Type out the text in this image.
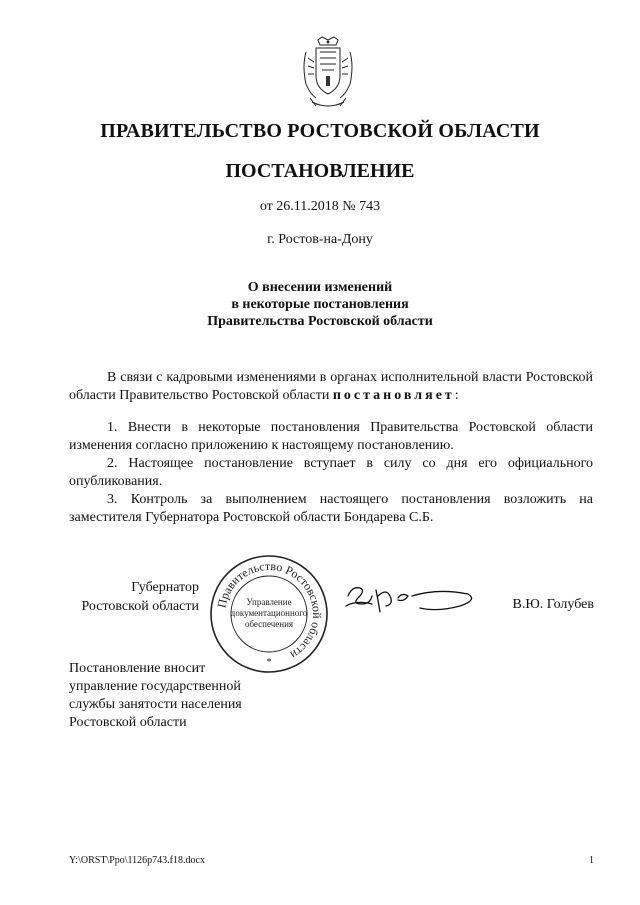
ПРАВИТЕЛЬСТВО РОСТОВСКОЙ ОБЛАСТИ
ПОСТАНОВЛЕНИЕ
от 26.11.2018 № 743
г. Ростов-на-Дону
О внесении изменений
в некоторые постановления
Правительства Ростовской области

В связи с кадровыми изменениями в органах исполнительной власти Ростовской области Правительство Ростовской области постановляет:

1. Внести в некоторые постановления Правительства Ростовской области изменения согласно приложению к настоящему постановлению.

2. Настоящее постановление вступает в силу со дня его официального опубликования.

3. Контроль за выполнением настоящего постановления возложить на заместителя Губернатора Ростовской области Бондарева С.Б.

Губернатор
Ростовской области Правительство Ростовской области
Управление
документационного
обеспечения
*
В.Ю. Голубев
Постановление вносит
управление государственной
службы занятости населения
Ростовской области
Y:\ORST\Ppo\1126p743.f18.docx	1
